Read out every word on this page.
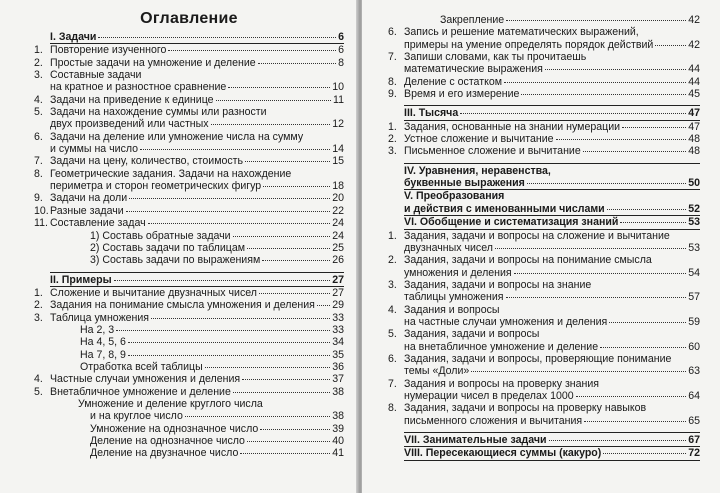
Оглавление
I. Задачи	6
1. Повторение изученного	6
2. Простые задачи на умножение и деление	8
3. Составные задачи
на кратное и разностное сравнение	10
4. Задачи на приведение к единице	11
5. Задачи на нахождение суммы или разности
двух произведений или частных	12
6. Задачи на деление или умножение числа на сумму
и суммы на число	14
7. Задачи на цену, количество, стоимость	15
8. Геометрические задания. Задачи на нахождение
периметра и сторон геометрических фигур	18
9. Задачи на доли	20
10. Разные задачи	22
11. Составление задач	24
1) Составь обратные задачи	24
2) Составь задачи по таблицам	25
3) Составь задачи по выражениям	26
II. Примеры	27
1. Сложение и вычитание двузначных чисел	27
2. Задания на понимание смысла умножения и деления 29
3. Таблица умножения	33
На 2, 3	33
На 4, 5, 6	34
На 7, 8, 9	35
Отработка всей таблицы	36
4. Частные случаи умножения и деления	37
5. Внетабличное умножение и деление	38
Умножение и деление круглого числа
и на круглое число	38
Умножение на однозначное число	39
Деление на однозначное число	40
Деление на двузначное число	41
Закрепление	42
6. Запись и решение математических выражений,
примеры на умение определять порядок действий	42
7. Запиши словами, как ты прочитаешь
математические выражения	44
8. Деление с остатком	44
9. Время и его измерение	45
III. Тысяча	47
1. Задания, основанные на знании нумерации	47
2. Устное сложение и вычитание	48
3. Письменное сложение и вычитание	48
IV. Уравнения, неравенства,
буквенные выражения	50
V. Преобразования
и действия с именованными числами	52
VI. Обобщение и систематизация знаний	53
1. Задания, задачи и вопросы на сложение и вычитание
двузначных чисел	53
2. Задания, задачи и вопросы на понимание смысла
умножения и деления	54
3. Задания, задачи и вопросы на знание
таблицы умножения	57
4. Задания и вопросы
на частные случаи умножения и деления	59
5. Задания, задачи и вопросы
на внетабличное умножение и деление	60
6. Задания, задачи и вопросы, проверяющие понимание
темы «Доли»	63
7. Задания и вопросы на проверку знания
нумерации чисел в пределах 1000	64
8. Задания, задачи и вопросы на проверку навыков
письменного сложения и вычитания	65
VII. Занимательные задачи	67
VIII. Пересекающиеся суммы (какуро)	72
